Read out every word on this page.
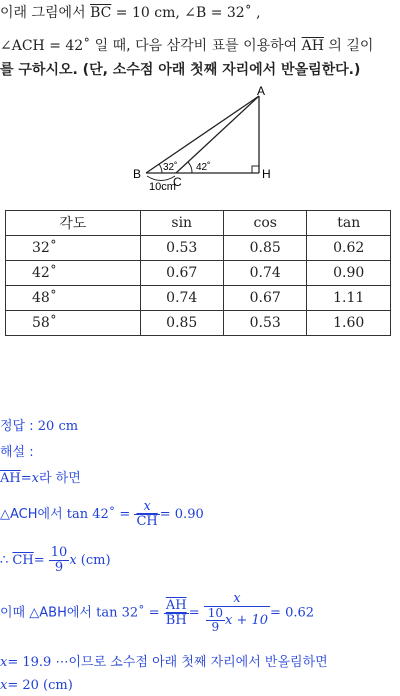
이래 그림에서 $\overline{BC} = 10$ cm, ∠B = 32˚ ,
∠ACH = 42˚ 일 때, 다음 삼각비 표를 이용하여 $\overline{AH}$ 의 길이
를 구하시오. (단, 소수점 아래 첫째 자리에서 반올림한다.)
A
B
C
H
32˚ 42˚
10cm
각도	sin	cos	tan
32˚	0.53	0.85	0.62
42˚	0.67	0.74	0.90
48˚	0.74	0.67	1.11
58˚	0.85	0.53	1.60
정답 : 20 cm
해설 :
$\overline{AH}=x$라 하면
△ACH에서 tan 42˚ = $\frac{x}{CH} = 0.90$
∴ $\overline{CH}= \frac{10}{9}$ x (cm)
이때 △ABH에서 tan 32˚ = $\frac{\overline{AH}}{BH} = \frac{x}{\frac{10}{9} x + 10} = 0.62$
x= 19.9 ⋯이므로 소수점 아래 첫째 자리에서 반올림하면
x= 20 (cm)
